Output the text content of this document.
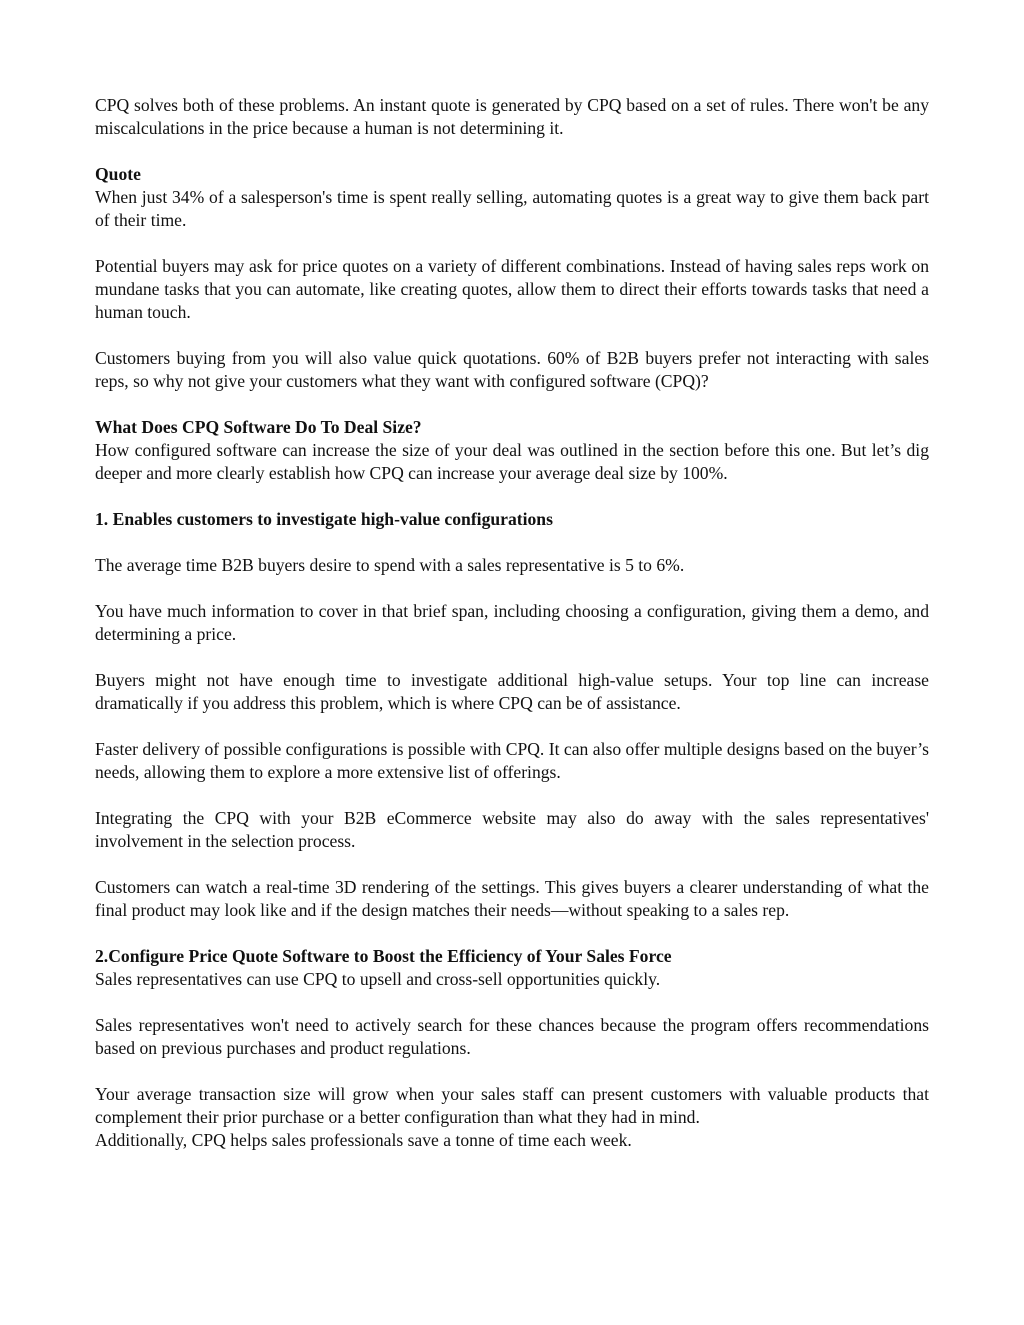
CPQ solves both of these problems. An instant quote is generated by CPQ based on a set of rules. There won't be any miscalculations in the price because a human is not determining it.

Quote
When just 34% of a salesperson's time is spent really selling, automating quotes is a great way to give them back part of their time.

Potential buyers may ask for price quotes on a variety of different combinations. Instead of having sales reps work on mundane tasks that you can automate, like creating quotes, allow them to direct their efforts towards tasks that need a human touch.

Customers buying from you will also value quick quotations. 60% of B2B buyers prefer not interacting with sales reps, so why not give your customers what they want with configured software (CPQ)?

What Does CPQ Software Do To Deal Size?
How configured software can increase the size of your deal was outlined in the section before this one. But let’s dig deeper and more clearly establish how CPQ can increase your average deal size by 100%.
1. Enables customers to investigate high-value configurations

The average time B2B buyers desire to spend with a sales representative is 5 to 6%.

You have much information to cover in that brief span, including choosing a configuration, giving them a demo, and determining a price.

Buyers might not have enough time to investigate additional high-value setups. Your top line can increase dramatically if you address this problem, which is where CPQ can be of assistance.

Faster delivery of possible configurations is possible with CPQ. It can also offer multiple designs based on the buyer’s needs, allowing them to explore a more extensive list of offerings.

Integrating the CPQ with your B2B eCommerce website may also do away with the sales representatives' involvement in the selection process.

Customers can watch a real-time 3D rendering of the settings. This gives buyers a clearer understanding of what the final product may look like and if the design matches their needs—without speaking to a sales rep.

2.Configure Price Quote Software to Boost the Efficiency of Your Sales Force
Sales representatives can use CPQ to upsell and cross-sell opportunities quickly.

Sales representatives won't need to actively search for these chances because the program offers recommendations based on previous purchases and product regulations.

Your average transaction size will grow when your sales staff can present customers with valuable products that complement their prior purchase or a better configuration than what they had in mind.
Additionally, CPQ helps sales professionals save a tonne of time each week.
